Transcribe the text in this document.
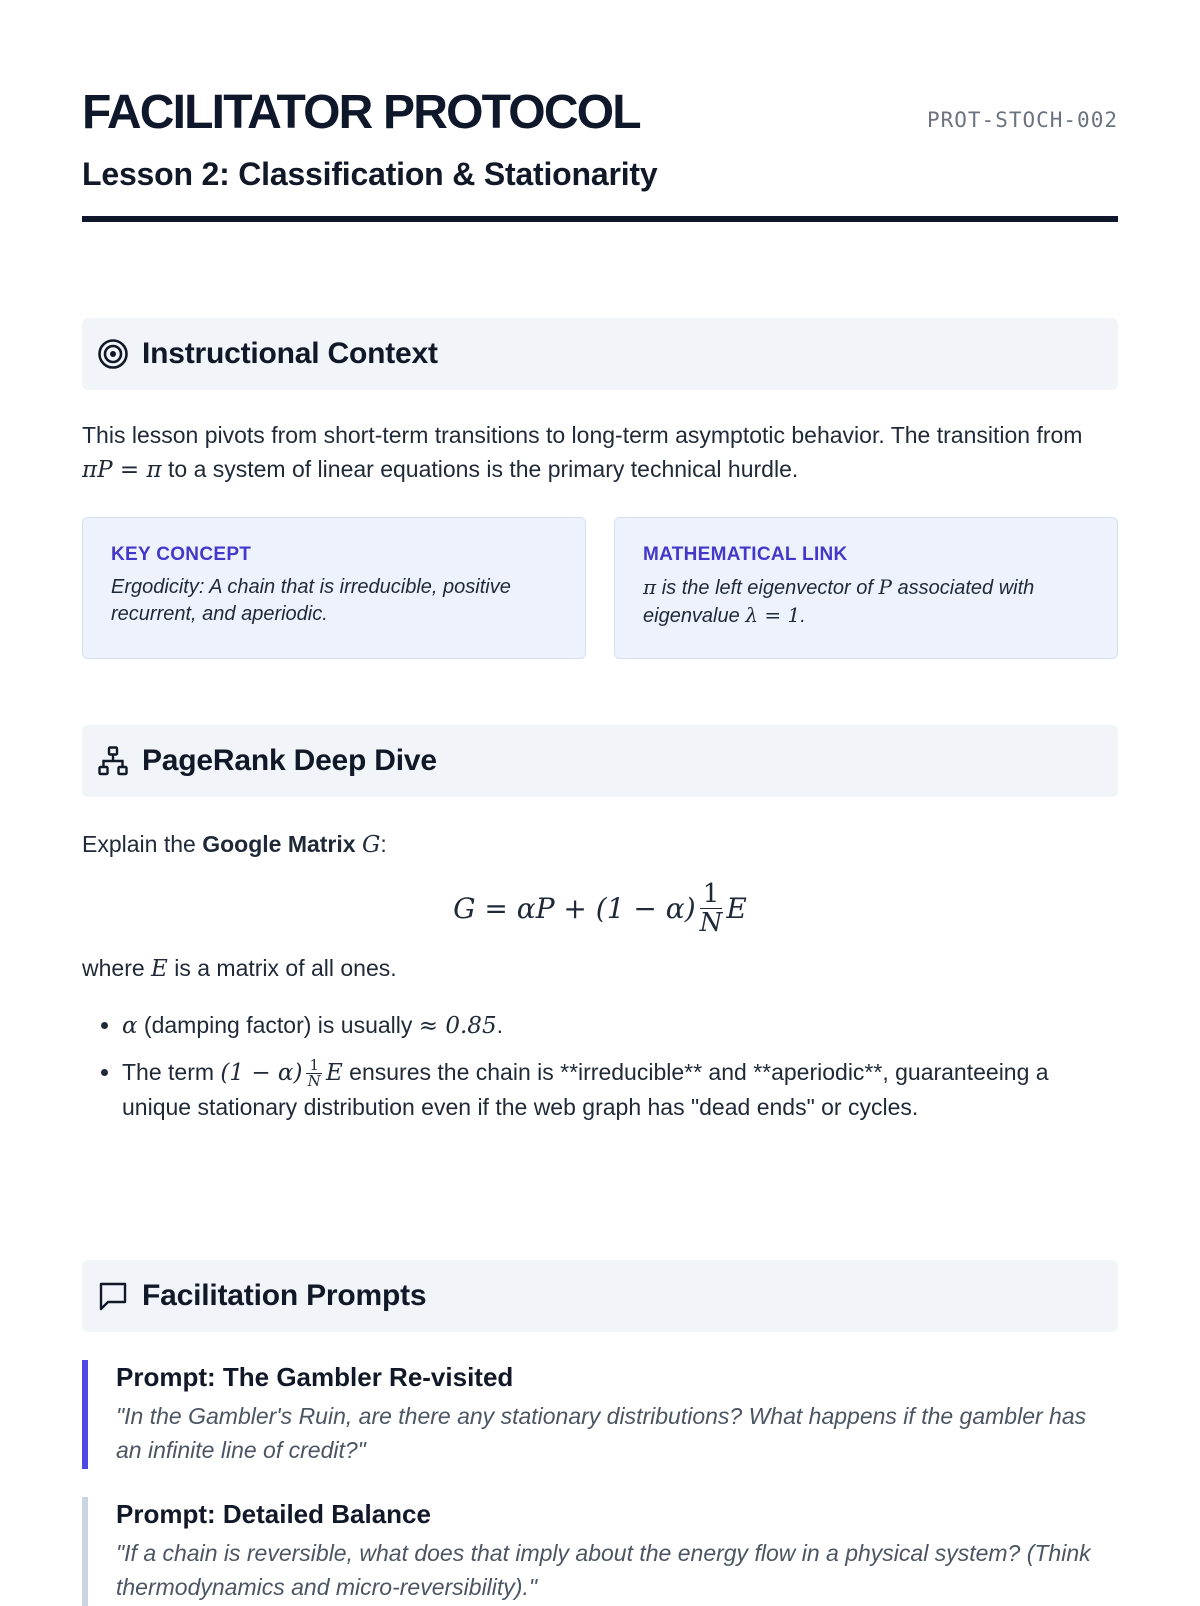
FACILITATOR PROTOCOL
Lesson 2: Classification & Stationarity
PROT-STOCH-002
Instructional Context

This lesson pivots from short-term transitions to long-term asymptotic behavior. The transition from πP = π to a system of linear equations is the primary technical hurdle.

KEY CONCEPT

Ergodicity: A chain that is irreducible, positive recurrent, and aperiodic.

MATHEMATICAL LINK

π is the left eigenvector of P associated with eigenvalue λ = 1.

PageRank Deep Dive

Explain the Google Matrix G:

$G = \alpha P + (1 - \alpha) \frac{1}{N}$ E

where E is a matrix of all ones.

• α (damping factor) is usually ≈ 0.85.
• The term $(1 - \alpha) \frac{1}{N}$ E ensures the chain is **irreducible** and **aperiodic**, guaranteeing a unique stationary distribution even if the web graph has "dead ends" or cycles.
Facilitation Prompts
Prompt: The Gambler Re-visited

"In the Gambler's Ruin, are there any stationary distributions? What happens if the gambler has an infinite line of credit?"

Prompt: Detailed Balance

"If a chain is reversible, what does that imply about the energy flow in a physical system? (Think thermodynamics and micro-reversibility)."
